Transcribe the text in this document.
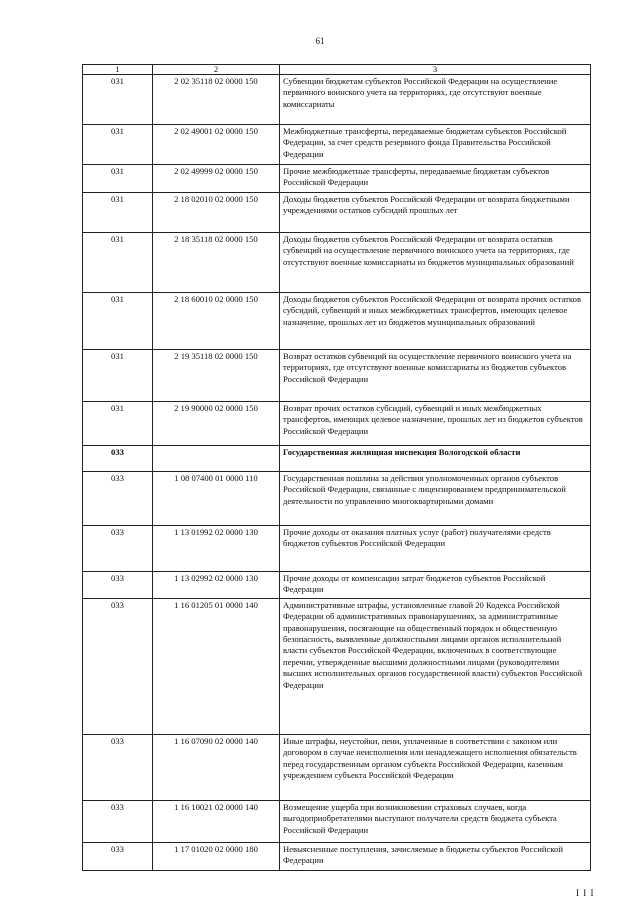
61
1	2	3
031	2 02 35118 02 0000 150	Субвенции бюджетам субъектов Российской Федерации на осуществление первичного воинского учета на территориях, где отсутствуют военные комиссариаты
031	2 02 49001 02 0000 150	Межбюджетные трансферты, передаваемые бюджетам субъектов Российской Федерации, за счет средств резервного фонда Правительства Российской Федерации
031	2 02 49999 02 0000 150	Прочие межбюджетные трансферты, передаваемые бюджетам субъектов Российской Федерации
031	2 18 02010 02 0000 150	Доходы бюджетов субъектов Российской Федерации от возврата бюджетными учреждениями остатков субсидий прошлых лет
031	2 18 35118 02 0000 150	Доходы бюджетов субъектов Российской Федерации от возврата остатков субвенций на осуществление первичного воинского учета на территориях, где отсутствуют военные комиссариаты из бюджетов муниципальных образований
031	2 18 60010 02 0000 150	Доходы бюджетов субъектов Российской Федерации от возврата прочих остатков субсидий, субвенций и иных межбюджетных трансфертов, имеющих целевое назначение, прошлых лет из бюджетов муниципальных образований
031	2 19 35118 02 0000 150	Возврат остатков субвенций на осуществление первичного воинского учета на территориях, где отсутствуют военные комиссариаты из бюджетов субъектов Российской Федерации
031	2 19 90000 02 0000 150	Возврат прочих остатков субсидий, субвенций и иных межбюджетных трансфертов, имеющих целевое назначение, прошлых лет из бюджетов субъектов Российской Федерации
033		Государственная жилищная инспекция Вологодской области
033	1 08 07400 01 0000 110	Государственная пошлина за действия уполномоченных органов субъектов Российской Федерации, связанные с лицензированием предпринимательской деятельности по управлению многоквартирными домами
033	1 13 01992 02 0000 130	Прочие доходы от оказания платных услуг (работ) получателями средств бюджетов субъектов Российской Федерации
033	1 13 02992 02 0000 130	Прочие доходы от компенсации затрат бюджетов субъектов Российской Федерации
033	1 16 01205 01 0000 140	Административные штрафы, установленные главой 20 Кодекса Российской Федерации об административных правонарушениях, за административные правонарушения, посягающие на общественный порядок и общественную безопасность, выявленные должностными лицами органов исполнительной власти субъектов Российской Федерации, включенных в соответствующие перечни, утвержденные высшими должностными лицами (руководителями высших исполнительных органов государственной власти) субъектов Российской Федерации
033	1 16 07090 02 0000 140	Иные штрафы, неустойки, пени, уплаченные в соответствии с законом или договором в случае неисполнения или ненадлежащего исполнения обязательств перед государственным органом субъекта Российской Федерации, казенным учреждением субъекта Российской Федерации
033	1 16 10021 02 0000 140	Возмещение ущерба при возникновении страховых случаев, когда выгодоприобретателями выступают получатели средств бюджета субъекта Российской Федерации
033	1 17 01020 02 0000 180	Невыясненные поступления, зачисляемые в бюджеты субъектов Российской Федерации
I I I
